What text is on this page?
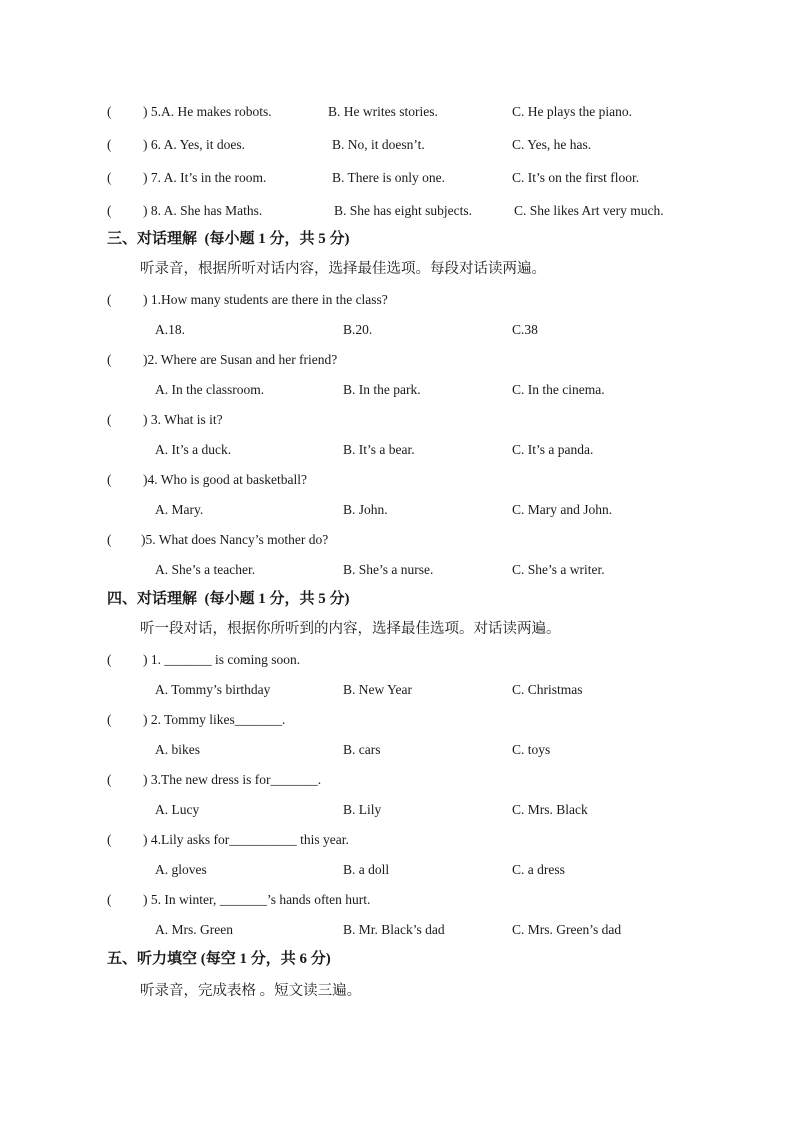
( ) 5.A. He makes robots.	B. He writes stories.	C. He plays the piano.
( ) 6. A. Yes, it does.	B. No, it doesn’t.	C. Yes, he has.
( ) 7. A. It’s in the room.	B. There is only one.	C. It’s on the first floor.
( ) 8. A. She has Maths.	B. She has eight subjects.	C. She likes Art very much.
三、对话理解  (每小题 1 分，共 5 分)
听录音，根据所听对话内容，选择最佳选项。每段对话读两遍。
( ) 1.How many students are there in the class?
A.18.	B.20.	C.38
( )2. Where are Susan and her friend?
A. In the classroom.	B. In the park.	C. In the cinema.
( ) 3. What is it?
A. It’s a duck.	B. It’s a bear.	C. It’s a panda.
( )4. Who is good at basketball?
A. Mary.	B. John.	C. Mary and John.
( )5. What does Nancy’s mother do?
A. She’s a teacher.	B. She’s a nurse.	C. She’s a writer.
四、对话理解  (每小题 1 分，共 5 分)
听一段对话，根据你所听到的内容，选择最佳选项。对话读两遍。
( ) 1. _______ is coming soon.
A. Tommy’s birthday	B. New Year	C. Christmas
( ) 2. Tommy likes_______.
A. bikes	B. cars	C. toys
( ) 3.The new dress is for_______.
A. Lucy	B. Lily	C. Mrs. Black
( ) 4.Lily asks for__________ this year.
A. gloves	B. a doll	C. a dress
( ) 5. In winter, _______’s hands often hurt.
A. Mrs. Green	B. Mr. Black’s dad	C. Mrs. Green’s dad
五、听力填空 (每空 1 分，共 6 分)
听录音，完成表格 。短文读三遍。
